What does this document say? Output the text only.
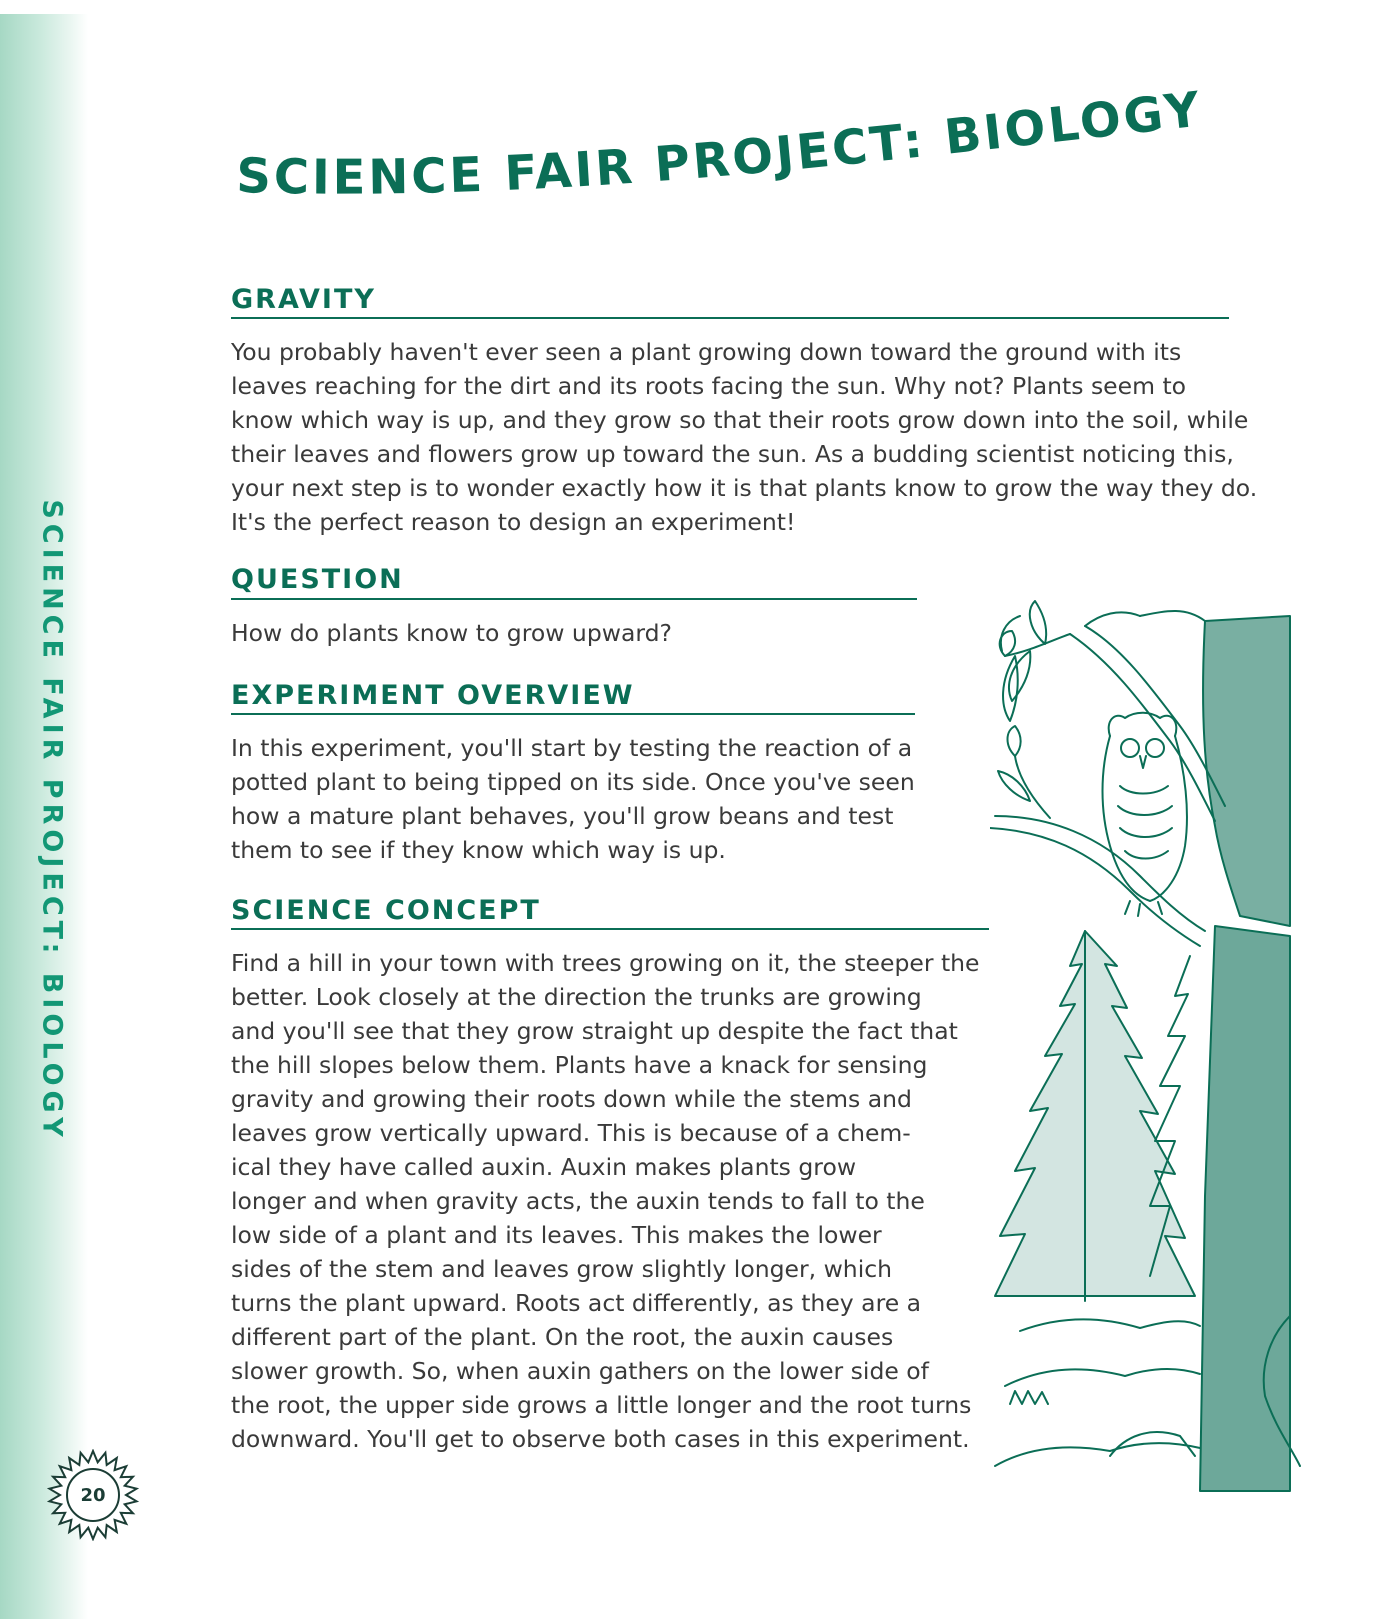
SCIENCE FAIR PROJECT: BIOLOGY
20
SCIENCE FAIR PROJECT: BIOLOGY
GRAVITY

You probably haven't ever seen a plant growing down toward the ground with its
leaves reaching for the dirt and its roots facing the sun. Why not? Plants seem to
know which way is up, and they grow so that their roots grow down into the soil, while
their leaves and flowers grow up toward the sun. As a budding scientist noticing this,
your next step is to wonder exactly how it is that plants know to grow the way they do.
It's the perfect reason to design an experiment!

QUESTION

How do plants know to grow upward?

EXPERIMENT OVERVIEW

In this experiment, you'll start by testing the reaction of a
potted plant to being tipped on its side. Once you've seen
how a mature plant behaves, you'll grow beans and test
them to see if they know which way is up.

SCIENCE CONCEPT

Find a hill in your town with trees growing on it, the steeper the
better. Look closely at the direction the trunks are growing
and you'll see that they grow straight up despite the fact that
the hill slopes below them. Plants have a knack for sensing
gravity and growing their roots down while the stems and
leaves grow vertically upward. This is because of a chem-
ical they have called auxin. Auxin makes plants grow
longer and when gravity acts, the auxin tends to fall to the
low side of a plant and its leaves. This makes the lower
sides of the stem and leaves grow slightly longer, which
turns the plant upward. Roots act differently, as they are a
different part of the plant. On the root, the auxin causes
slower growth. So, when auxin gathers on the lower side of
the root, the upper side grows a little longer and the root turns
downward. You'll get to observe both cases in this experiment.
